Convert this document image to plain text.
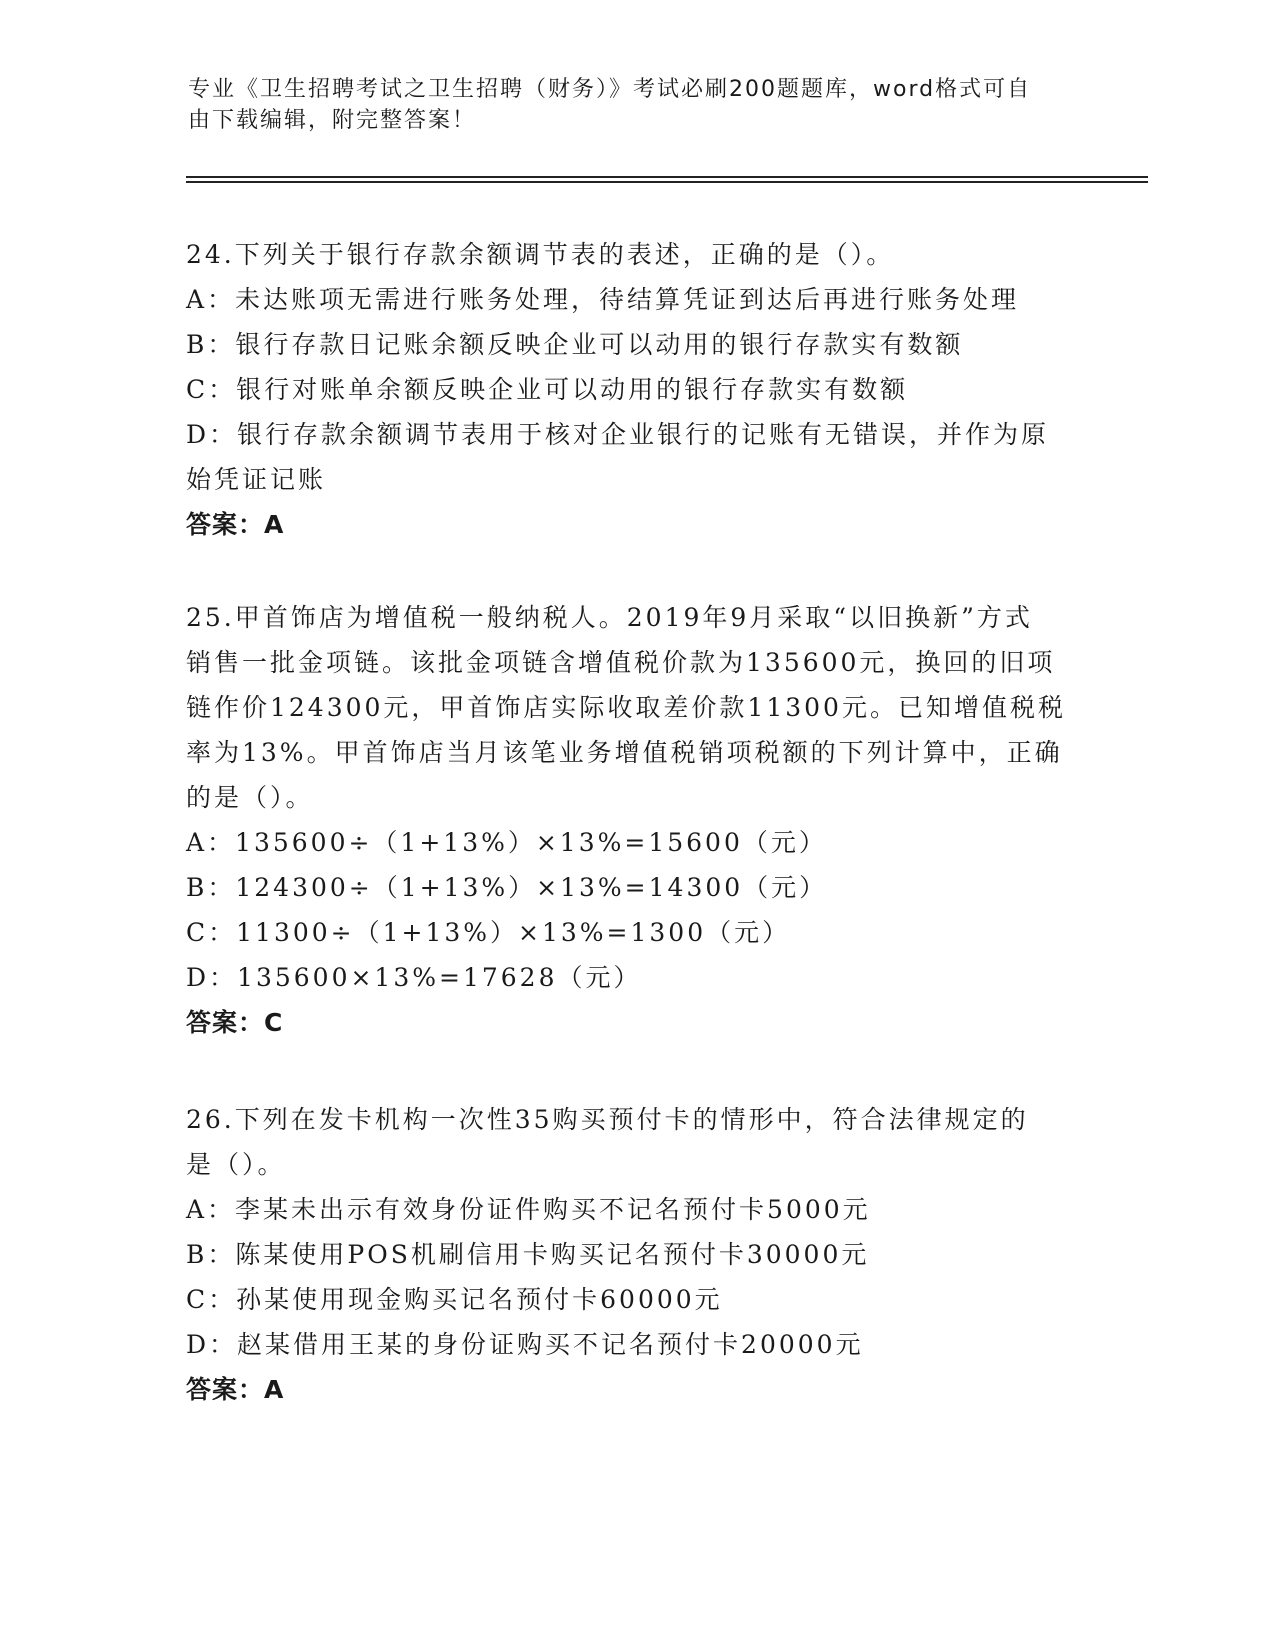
专业《卫生招聘考试之卫生招聘（财务）》考试必刷200题题库，word格式可自
由下载编辑，附完整答案！
24.下列关于银行存款余额调节表的表述，正确的是（）。
A：未达账项无需进行账务处理，待结算凭证到达后再进行账务处理
B：银行存款日记账余额反映企业可以动用的银行存款实有数额
C：银行对账单余额反映企业可以动用的银行存款实有数额
D：银行存款余额调节表用于核对企业银行的记账有无错误，并作为原
始凭证记账
答案：A
25.甲首饰店为增值税一般纳税人。2019年9月采取“以旧换新”方式
销售一批金项链。该批金项链含增值税价款为135600元，换回的旧项
链作价124300元，甲首饰店实际收取差价款11300元。已知增值税税
率为13%。甲首饰店当月该笔业务增值税销项税额的下列计算中，正确
的是（）。
A：135600÷（1+13%）×13%=15600（元）
B：124300÷（1+13%）×13%=14300（元）
C：11300÷（1+13%）×13%=1300（元）
D：135600×13%=17628（元）
答案：C
26.下列在发卡机构一次性35购买预付卡的情形中，符合法律规定的
是（）。
A：李某未出示有效身份证件购买不记名预付卡5000元
B：陈某使用POS机刷信用卡购买记名预付卡30000元
C：孙某使用现金购买记名预付卡60000元
D：赵某借用王某的身份证购买不记名预付卡20000元
答案：A
